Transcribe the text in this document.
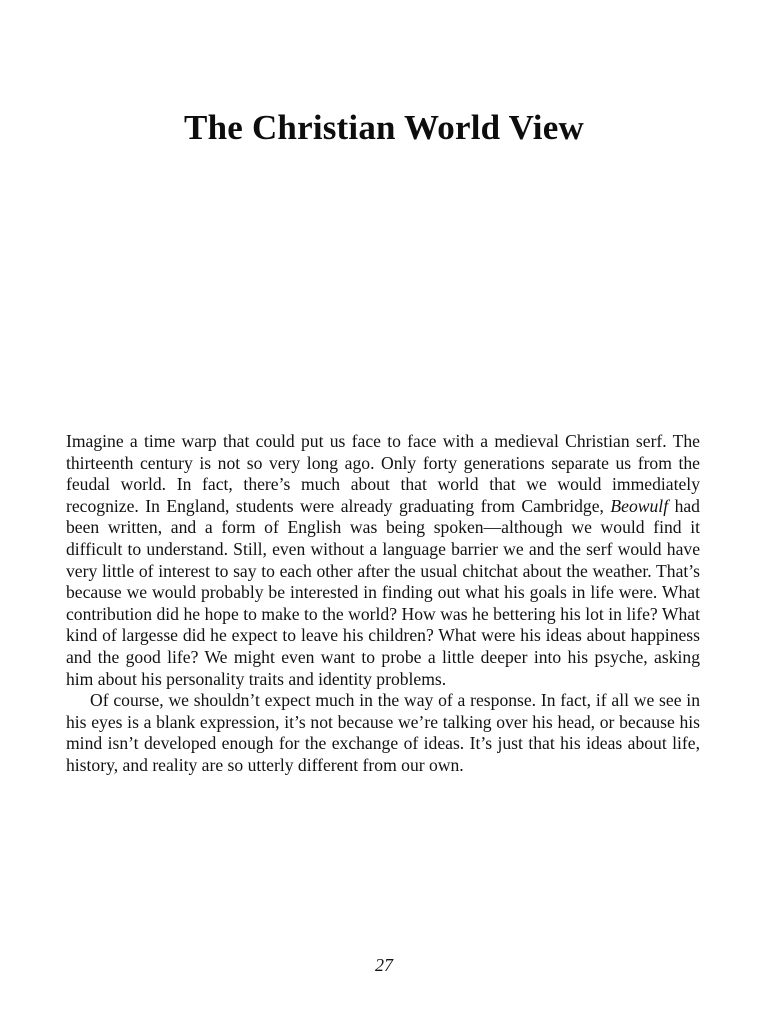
The Christian World View

Imagine a time warp that could put us face to face with a medieval Christian serf. The thirteenth century is not so very long ago. Only forty generations separate us from the feudal world. In fact, there’s much about that world that we would immediately recognize. In England, students were already graduating from Cambridge, Beowulf had been written, and a form of English was being spoken—although we would find it difficult to understand. Still, even without a language barrier we and the serf would have very little of interest to say to each other after the usual chitchat about the weather. That’s because we would probably be interested in finding out what his goals in life were. What contribution did he hope to make to the world? How was he bettering his lot in life? What kind of largesse did he expect to leave his children? What were his ideas about happiness and the good life? We might even want to probe a little deeper into his psyche, asking him about his personality traits and identity problems.

Of course, we shouldn’t expect much in the way of a response. In fact, if all we see in his eyes is a blank expression, it’s not because we’re talking over his head, or because his mind isn’t developed enough for the exchange of ideas. It’s just that his ideas about life, history, and reality are so utterly different from our own.

27
